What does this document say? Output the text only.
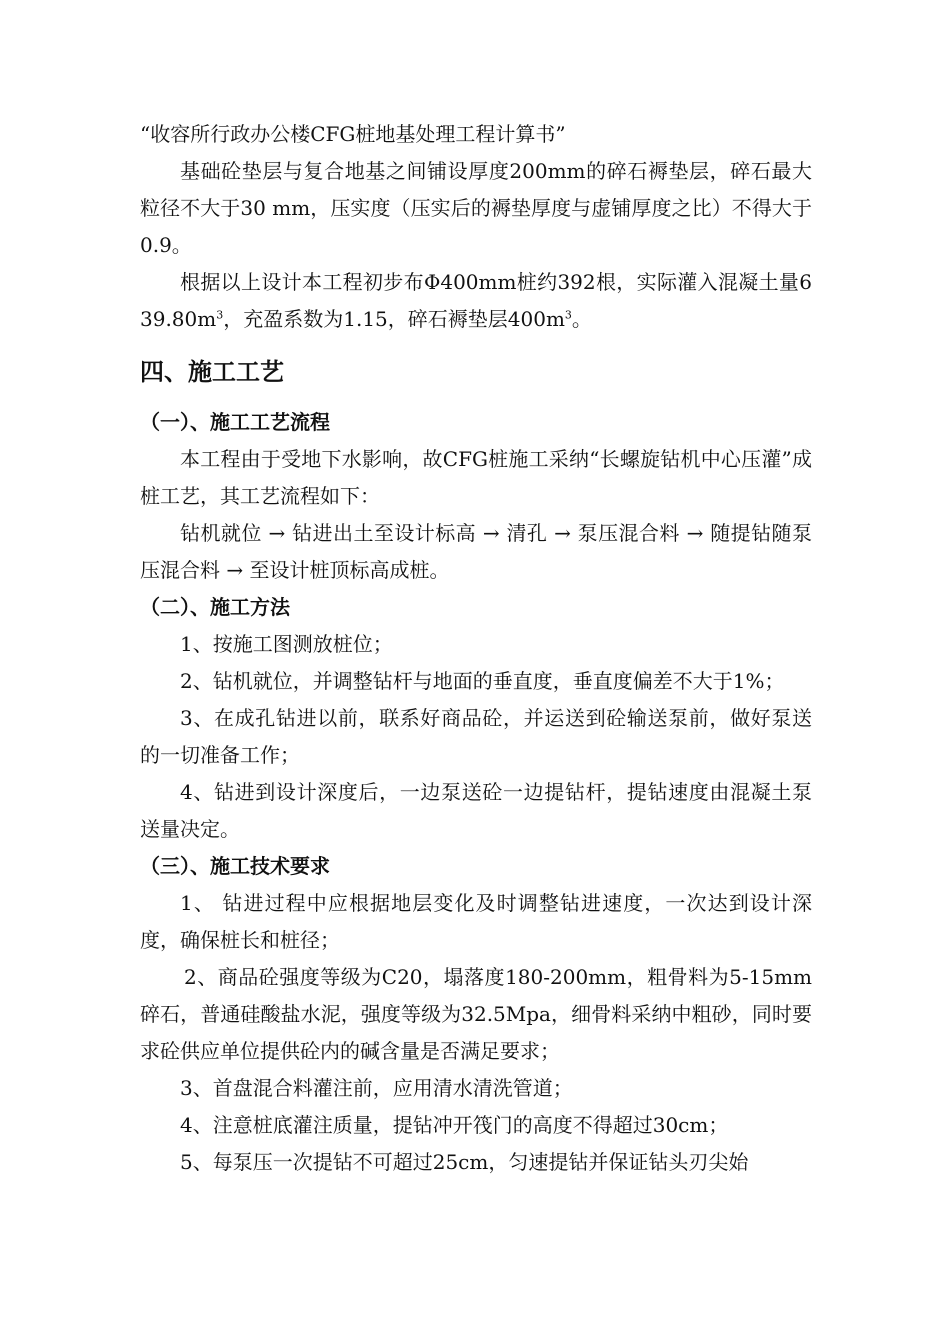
“收容所行政办公楼CFG桩地基处理工程计算书”

基础砼垫层与复合地基之间铺设厚度200mm的碎石褥垫层，碎石最大粒径不大于30 mm，压实度（压实后的褥垫厚度与虚铺厚度之比）不得大于0.9。

根据以上设计本工程初步布Φ400mm桩约392根，实际灌入混凝土量$639.80m^3$，充盈系数为1.15，碎石褥垫层$400m^3$。

四、施工工艺

（一）、施工工艺流程

本工程由于受地下水影响，故CFG桩施工采纳“长螺旋钻机中心压灌”成桩工艺，其工艺流程如下：

钻机就位 → 钻进出土至设计标高 → 清孔 → 泵压混合料 → 随提钻随泵压混合料 → 至设计桩顶标高成桩。

（二）、施工方法

1、按施工图测放桩位；

2、钻机就位，并调整钻杆与地面的垂直度，垂直度偏差不大于1%；

3、在成孔钻进以前，联系好商品砼，并运送到砼输送泵前，做好泵送的一切准备工作；

4、钻进到设计深度后，一边泵送砼一边提钻杆，提钻速度由混凝土泵送量决定。

（三）、施工技术要求

1、 钻进过程中应根据地层变化及时调整钻进速度，一次达到设计深度，确保桩长和桩径；

2、商品砼强度等级为C20，塌落度180-200mm，粗骨料为5-15mm碎石，普通硅酸盐水泥，强度等级为32.5Mpa，细骨料采纳中粗砂，同时要求砼供应单位提供砼内的碱含量是否满足要求；

3、首盘混合料灌注前，应用清水清洗管道；

4、注意桩底灌注质量，提钻冲开筏门的高度不得超过30cm；

5、每泵压一次提钻不可超过25cm，匀速提钻并保证钻头刃尖始
